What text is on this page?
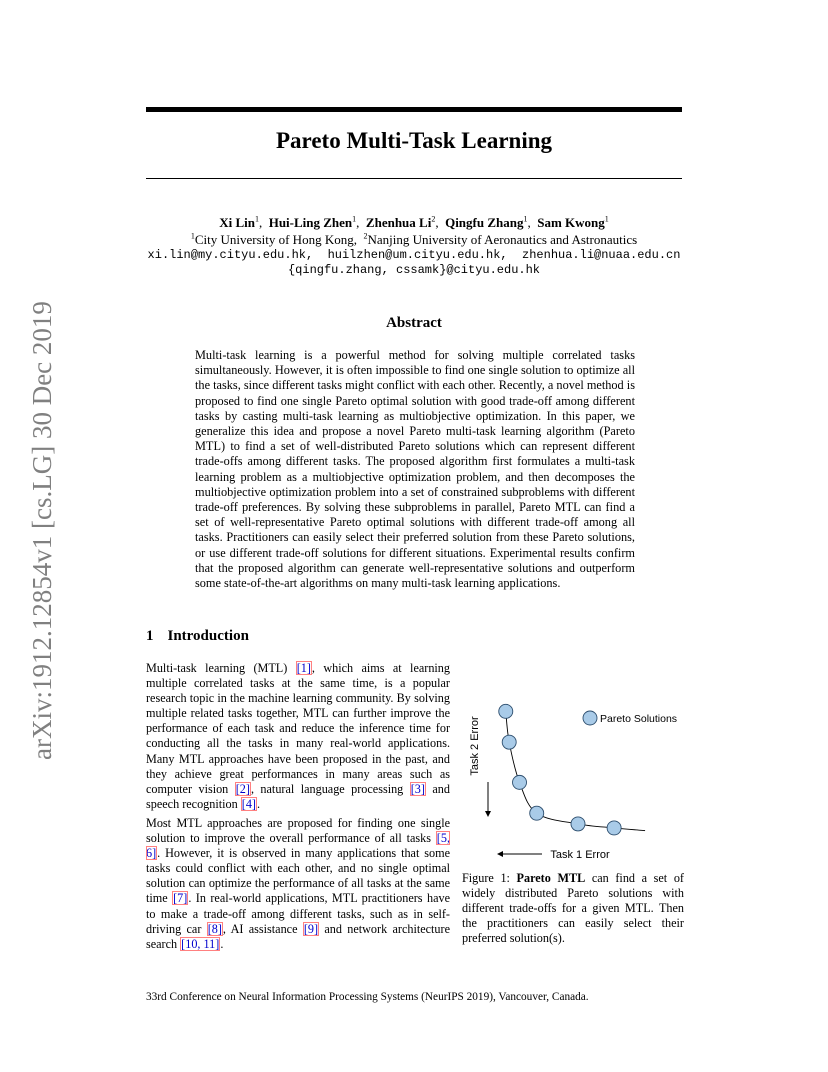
arXiv:1912.12854v1 [cs.LG] 30 Dec 2019
Pareto Multi-Task Learning
Xi Lin$^1$,  Hui-Ling Zhen$^1$,  Zhenhua Li$^2$,  Qingfu Zhang$^1$,  Sam Kwong$^1$
$^1$City University of Hong Kong, $^2$Nanjing University of Aeronautics and Astronautics
xi.lin@my.cityu.edu.hk,  huilzhen@um.cityu.edu.hk,  zhenhua.li@nuaa.edu.cn
{qingfu.zhang, cssamk}@cityu.edu.hk
Abstract
Multi-task learning is a powerful method for solving multiple correlated tasks simultaneously. However, it is often impossible to find one single solution to optimize all the tasks, since different tasks might conflict with each other. Recently, a novel method is proposed to find one single Pareto optimal solution with good trade-off among different tasks by casting multi-task learning as multiobjective optimization. In this paper, we generalize this idea and propose a novel Pareto multi-task learning algorithm (Pareto MTL) to find a set of well-distributed Pareto solutions which can represent different trade-offs among different tasks. The proposed algorithm first formulates a multi-task learning problem as a multiobjective optimization problem, and then decomposes the multiobjective optimization problem into a set of constrained subproblems with different trade-off preferences. By solving these subproblems in parallel, Pareto MTL can find a set of well-representative Pareto optimal solutions with different trade-off among all tasks. Practitioners can easily select their preferred solution from these Pareto solutions, or use different trade-off solutions for different situations. Experimental results confirm that the proposed algorithm can generate well-representative solutions and outperform some state-of-the-art algorithms on many multi-task learning applications.
1 Introduction
Multi-task learning (MTL) [1], which aims at learning multiple correlated tasks at the same time, is a popular research topic in the machine learning community. By solving multiple related tasks together, MTL can further improve the performance of each task and reduce the inference time for conducting all the tasks in many real-world applications. Many MTL approaches have been proposed in the past, and they achieve great performances in many areas such as computer vision [2], natural language processing [3] and speech recognition [4].
Most MTL approaches are proposed for finding one single solution to improve the overall performance of all tasks [5, 6]. However, it is observed in many applications that some tasks could conflict with each other, and no single optimal solution can optimize the performance of all tasks at the same time [7]. In real-world applications, MTL practitioners have to make a trade-off among different tasks, such as in self-driving car [8], AI assistance [9] and network architecture search [10, 11].
Task 2 Error
Task 1 Error
Pareto Solutions
Figure 1: Pareto MTL can find a set of widely distributed Pareto solutions with different trade-offs for a given MTL. Then the practitioners can easily select their preferred solution(s).
33rd Conference on Neural Information Processing Systems (NeurIPS 2019), Vancouver, Canada.
